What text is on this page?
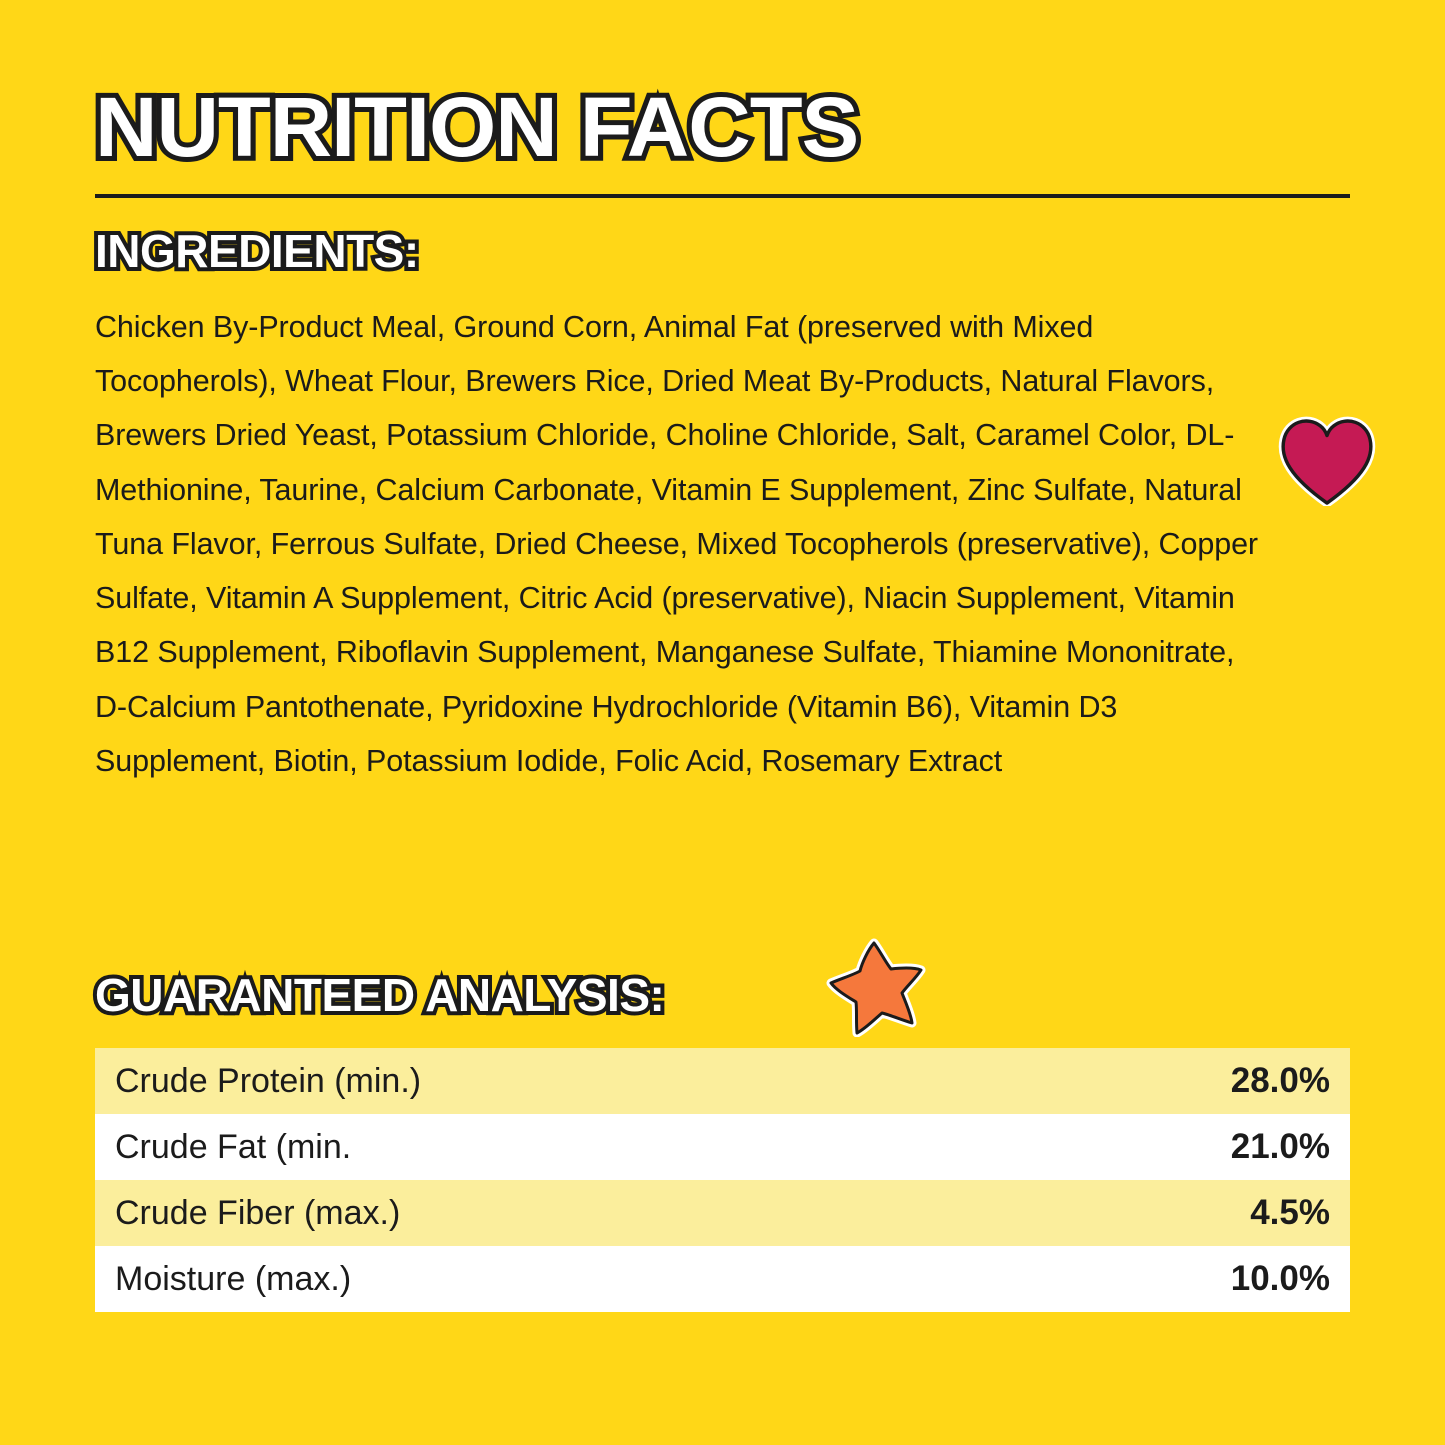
NUTRITION FACTS
INGREDIENTS:

Chicken By-Product Meal, Ground Corn, Animal Fat (preserved with Mixed Tocopherols), Wheat Flour, Brewers Rice, Dried Meat By-Products, Natural Flavors, Brewers Dried Yeast, Potassium Chloride, Choline Chloride, Salt, Caramel Color, DL-Methionine, Taurine, Calcium Carbonate, Vitamin E Supplement, Zinc Sulfate, Natural Tuna Flavor, Ferrous Sulfate, Dried Cheese, Mixed Tocopherols (preservative), Copper Sulfate, Vitamin A Supplement, Citric Acid (preservative), Niacin Supplement, Vitamin B12 Supplement, Riboflavin Supplement, Manganese Sulfate, Thiamine Mononitrate, D-Calcium Pantothenate, Pyridoxine Hydrochloride (Vitamin B6), Vitamin D3 Supplement, Biotin, Potassium Iodide, Folic Acid, Rosemary Extract

GUARANTEED ANALYSIS:
Crude Protein (min.)	28.0%
Crude Fat (min.	21.0%
Crude Fiber (max.)	4.5%
Moisture (max.)	10.0%
